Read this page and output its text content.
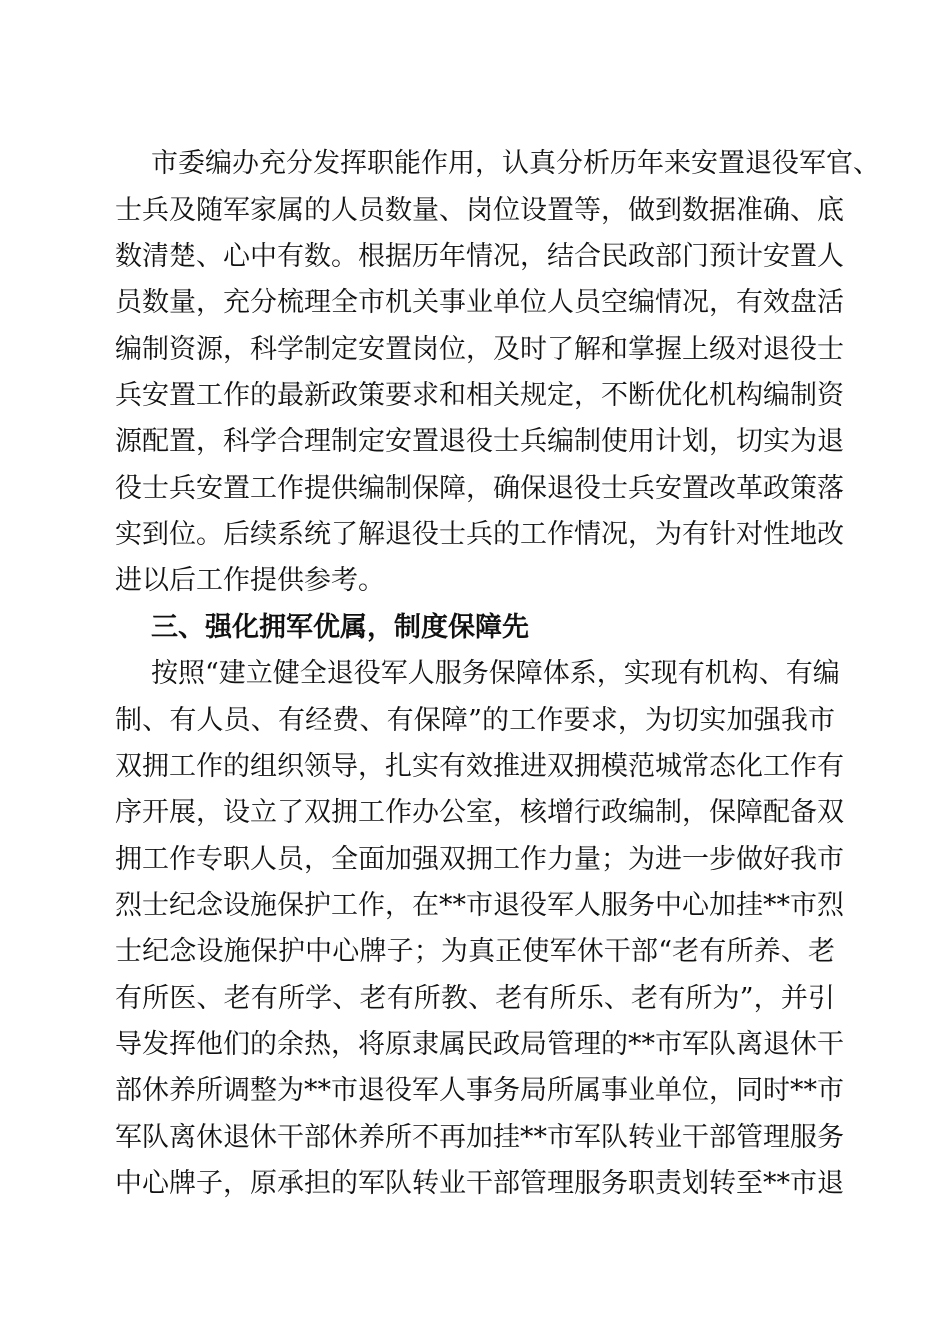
市委编办充分发挥职能作用，认真分析历年来安置退役军官、
士兵及随军家属的人员数量、岗位设置等，做到数据准确、底
数清楚、心中有数。根据历年情况，结合民政部门预计安置人
员数量，充分梳理全市机关事业单位人员空编情况，有效盘活
编制资源，科学制定安置岗位，及时了解和掌握上级对退役士
兵安置工作的最新政策要求和相关规定，不断优化机构编制资
源配置，科学合理制定安置退役士兵编制使用计划，切实为退
役士兵安置工作提供编制保障，确保退役士兵安置改革政策落
实到位。后续系统了解退役士兵的工作情况，为有针对性地改
进以后工作提供参考。
三、强化拥军优属，制度保障先
按照“建立健全退役军人服务保障体系，实现有机构、有编
制、有人员、有经费、有保障”的工作要求，为切实加强我市
双拥工作的组织领导，扎实有效推进双拥模范城常态化工作有
序开展，设立了双拥工作办公室，核增行政编制，保障配备双
拥工作专职人员，全面加强双拥工作力量；为进一步做好我市
烈士纪念设施保护工作，在**市退役军人服务中心加挂**市烈
士纪念设施保护中心牌子；为真正使军休干部“老有所养、老
有所医、老有所学、老有所教、老有所乐、老有所为”，并引
导发挥他们的余热，将原隶属民政局管理的**市军队离退休干
部休养所调整为**市退役军人事务局所属事业单位，同时**市
军队离休退休干部休养所不再加挂**市军队转业干部管理服务
中心牌子，原承担的军队转业干部管理服务职责划转至**市退
